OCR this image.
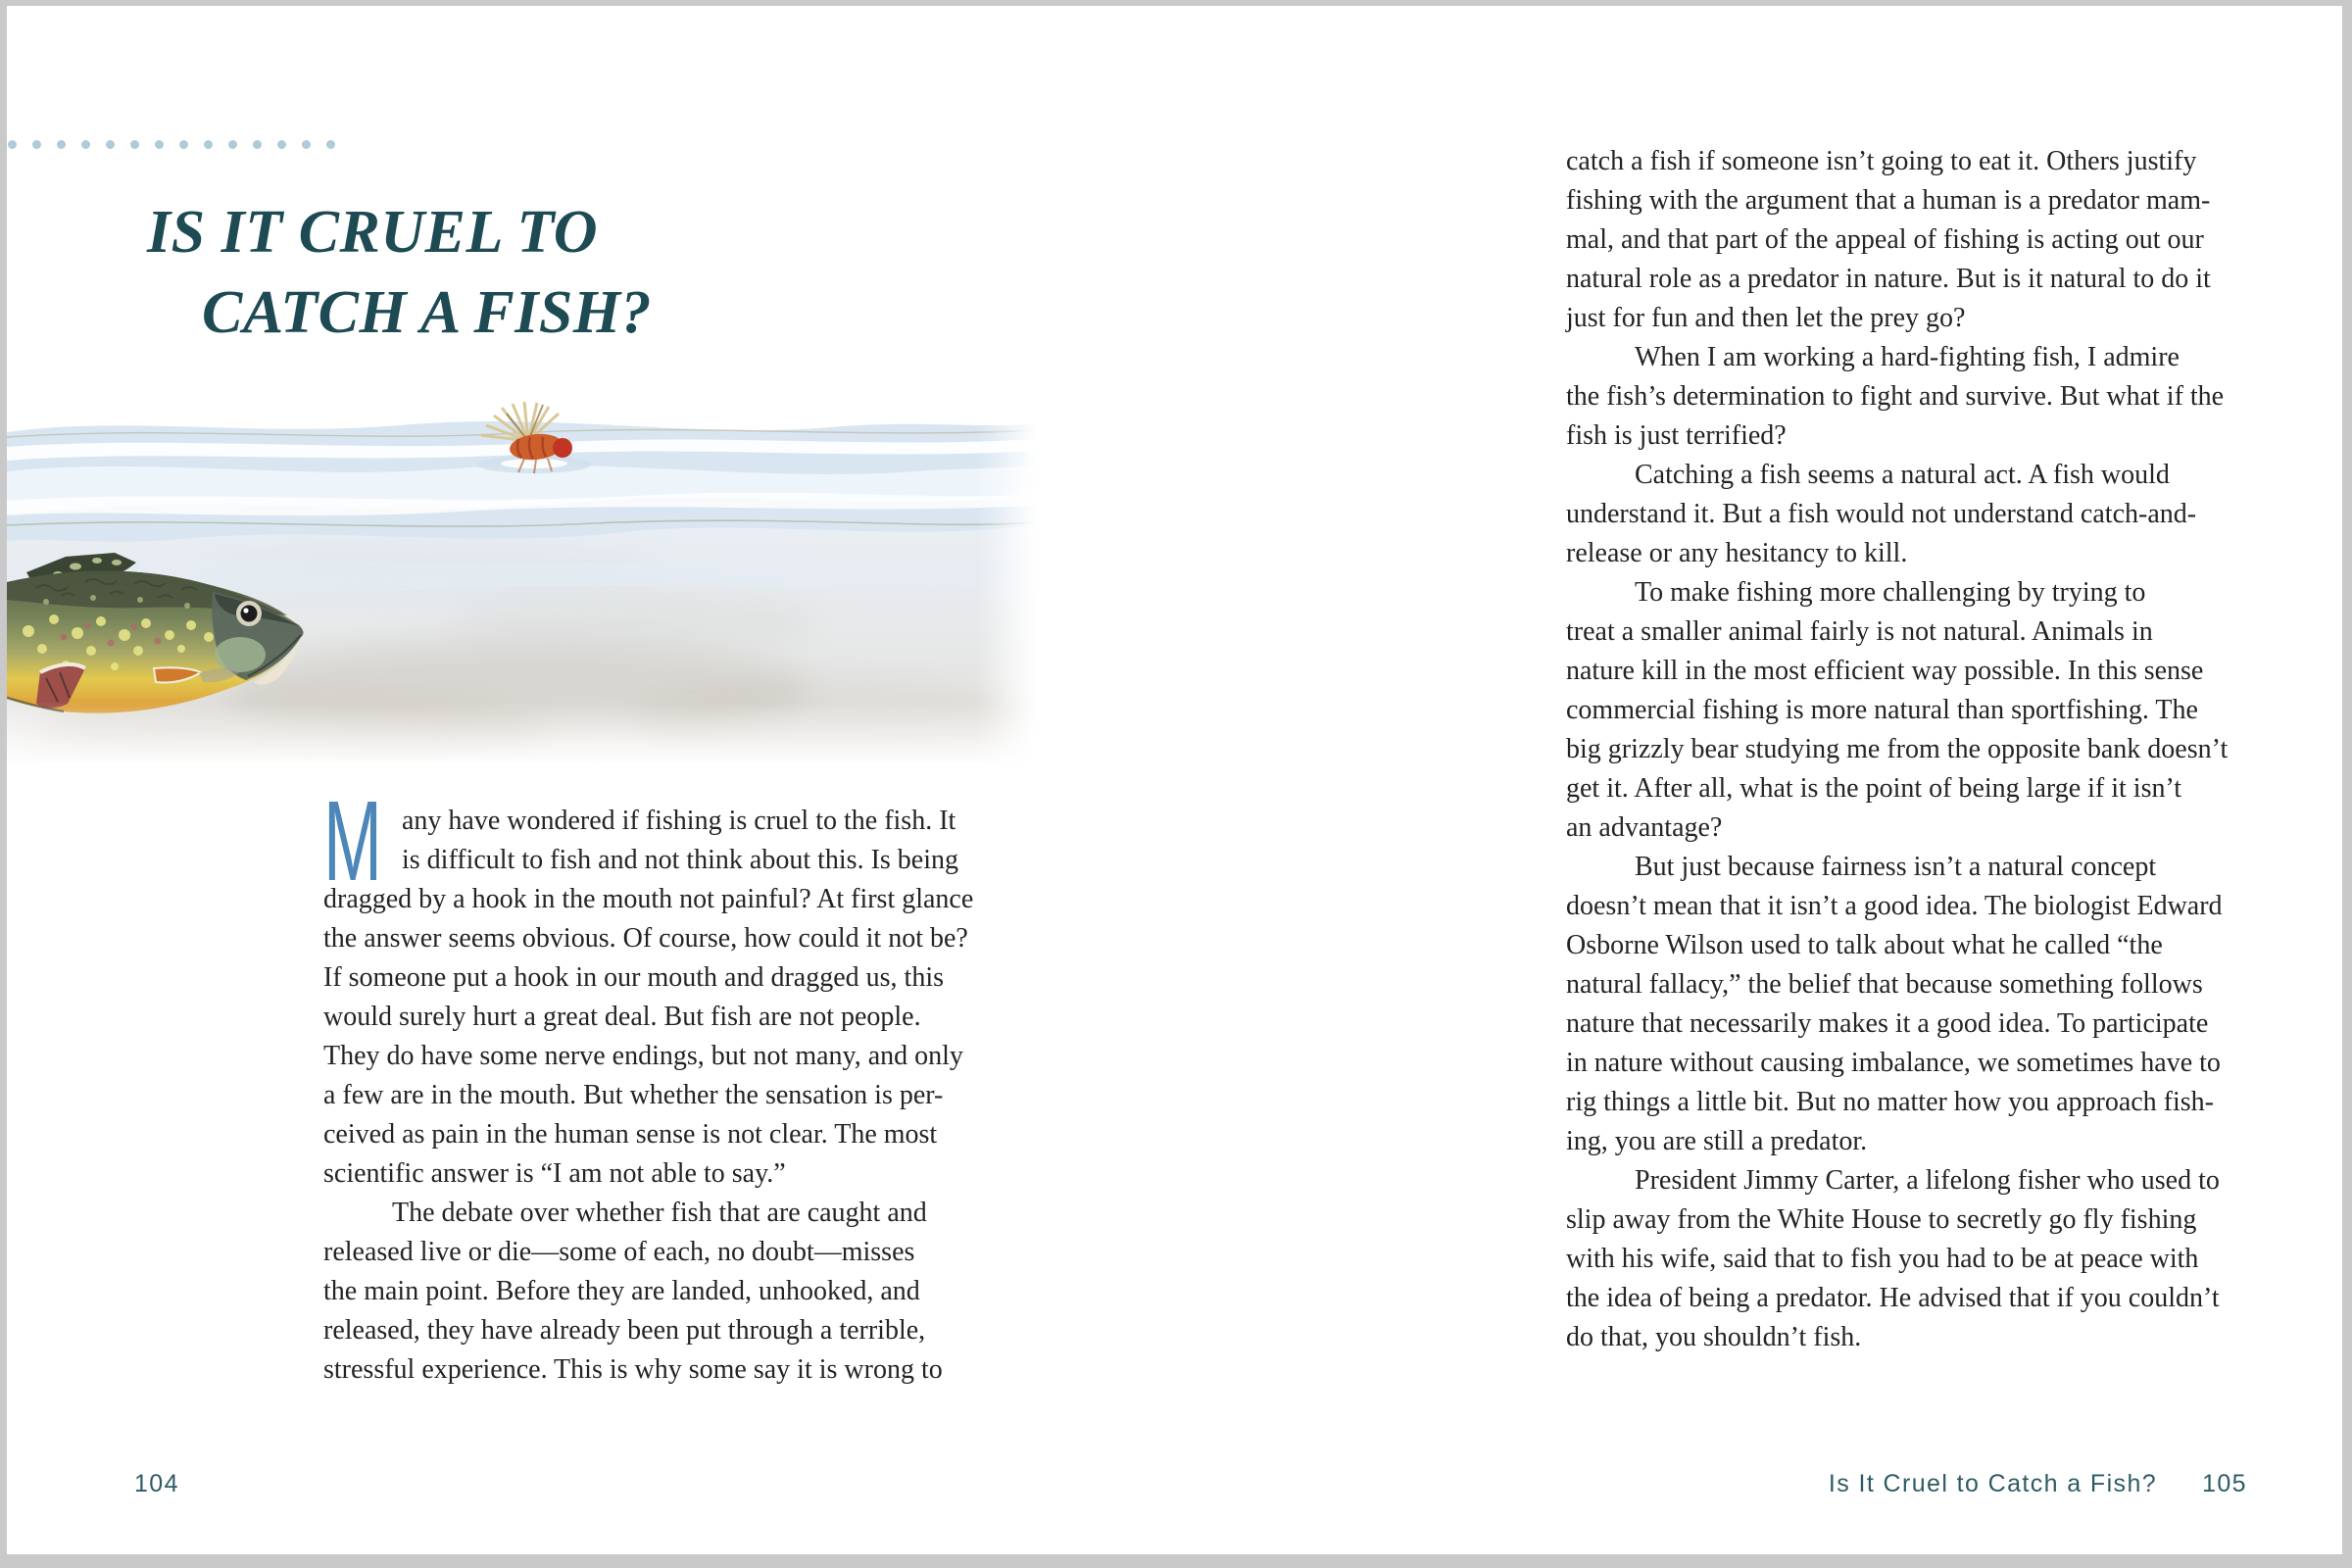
IS IT CRUEL TO
CATCH A FISH?
M any have wondered if fishing is cruel to the fish. It
is difficult to fish and not think about this. Is being
dragged by a hook in the mouth not painful? At first glance
the answer seems obvious. Of course, how could it not be?
If someone put a hook in our mouth and dragged us, this
would surely hurt a great deal. But fish are not people.
They do have some nerve endings, but not many, and only
a few are in the mouth. But whether the sensation is per-
ceived as pain in the human sense is not clear. The most
scientific answer is “I am not able to say.”
The debate over whether fish that are caught and
released live or die—some of each, no doubt—misses
the main point. Before they are landed, unhooked, and
released, they have already been put through a terrible,
stressful experience. This is why some say it is wrong to
catch a fish if someone isn’t going to eat it. Others justify
fishing with the argument that a human is a predator mam-
mal, and that part of the appeal of fishing is acting out our
natural role as a predator in nature. But is it natural to do it
just for fun and then let the prey go?
When I am working a hard-fighting fish, I admire
the fish’s determination to fight and survive. But what if the
fish is just terrified?
Catching a fish seems a natural act. A fish would
understand it. But a fish would not understand catch-and-
release or any hesitancy to kill.
To make fishing more challenging by trying to
treat a smaller animal fairly is not natural. Animals in
nature kill in the most efficient way possible. In this sense
commercial fishing is more natural than sportfishing. The
big grizzly bear studying me from the opposite bank doesn’t
get it. After all, what is the point of being large if it isn’t
an advantage?
But just because fairness isn’t a natural concept
doesn’t mean that it isn’t a good idea. The biologist Edward
Osborne Wilson used to talk about what he called “the
natural fallacy,” the belief that because something follows
nature that necessarily makes it a good idea. To participate
in nature without causing imbalance, we sometimes have to
rig things a little bit. But no matter how you approach fish-
ing, you are still a predator.
President Jimmy Carter, a lifelong fisher who used to
slip away from the White House to secretly go fly fishing
with his wife, said that to fish you had to be at peace with
the idea of being a predator. He advised that if you couldn’t
do that, you shouldn’t fish.
104	Is It Cruel to Catch a Fish? 105
